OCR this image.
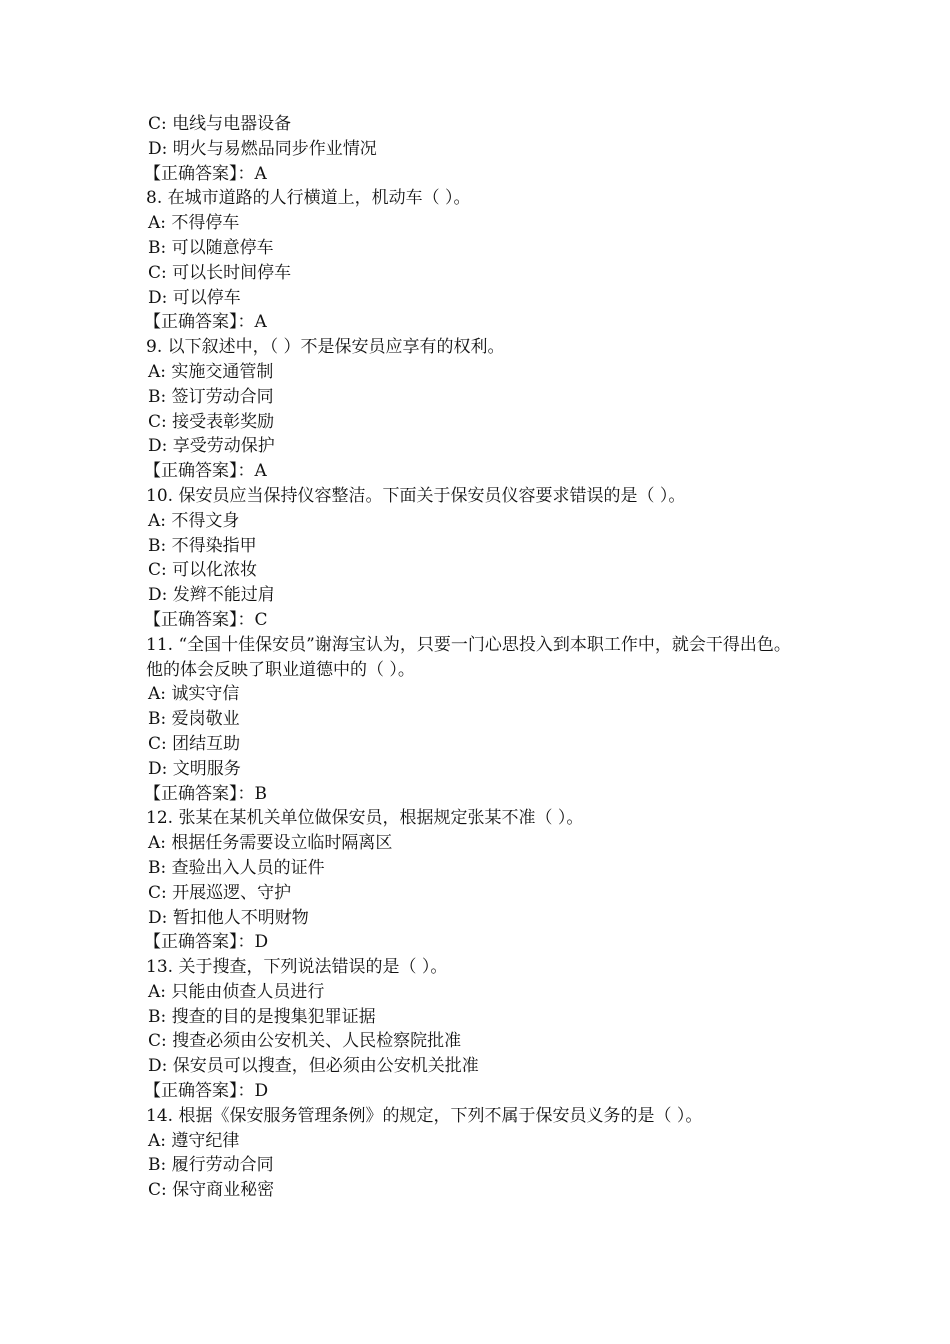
C: 电线与电器设备
D: 明火与易燃品同步作业情况
【正确答案】：A
8. 在城市道路的人行横道上，机动车（ ）。
A: 不得停车
B: 可以随意停车
C: 可以长时间停车
D: 可以停车
【正确答案】：A
9. 以下叙述中，（ ）不是保安员应享有的权利。
A: 实施交通管制
B: 签订劳动合同
C: 接受表彰奖励
D: 享受劳动保护
【正确答案】：A
10. 保安员应当保持仪容整洁。下面关于保安员仪容要求错误的是（ ）。
A: 不得文身
B: 不得染指甲
C: 可以化浓妆
D: 发辫不能过肩
【正确答案】：C
11. “全国十佳保安员”谢海宝认为，只要一门心思投入到本职工作中，就会干得出色。他的体会反映了职业道德中的（ ）。
A: 诚实守信
B: 爱岗敬业
C: 团结互助
D: 文明服务
【正确答案】：B
12. 张某在某机关单位做保安员，根据规定张某不准（ ）。
A: 根据任务需要设立临时隔离区
B: 查验出入人员的证件
C: 开展巡逻、守护
D: 暂扣他人不明财物
【正确答案】：D
13. 关于搜查，下列说法错误的是（ ）。
A: 只能由侦查人员进行
B: 搜查的目的是搜集犯罪证据
C: 搜查必须由公安机关、人民检察院批准
D: 保安员可以搜查，但必须由公安机关批准
【正确答案】：D
14. 根据《保安服务管理条例》的规定，下列不属于保安员义务的是（ ）。
A: 遵守纪律
B: 履行劳动合同
C: 保守商业秘密
